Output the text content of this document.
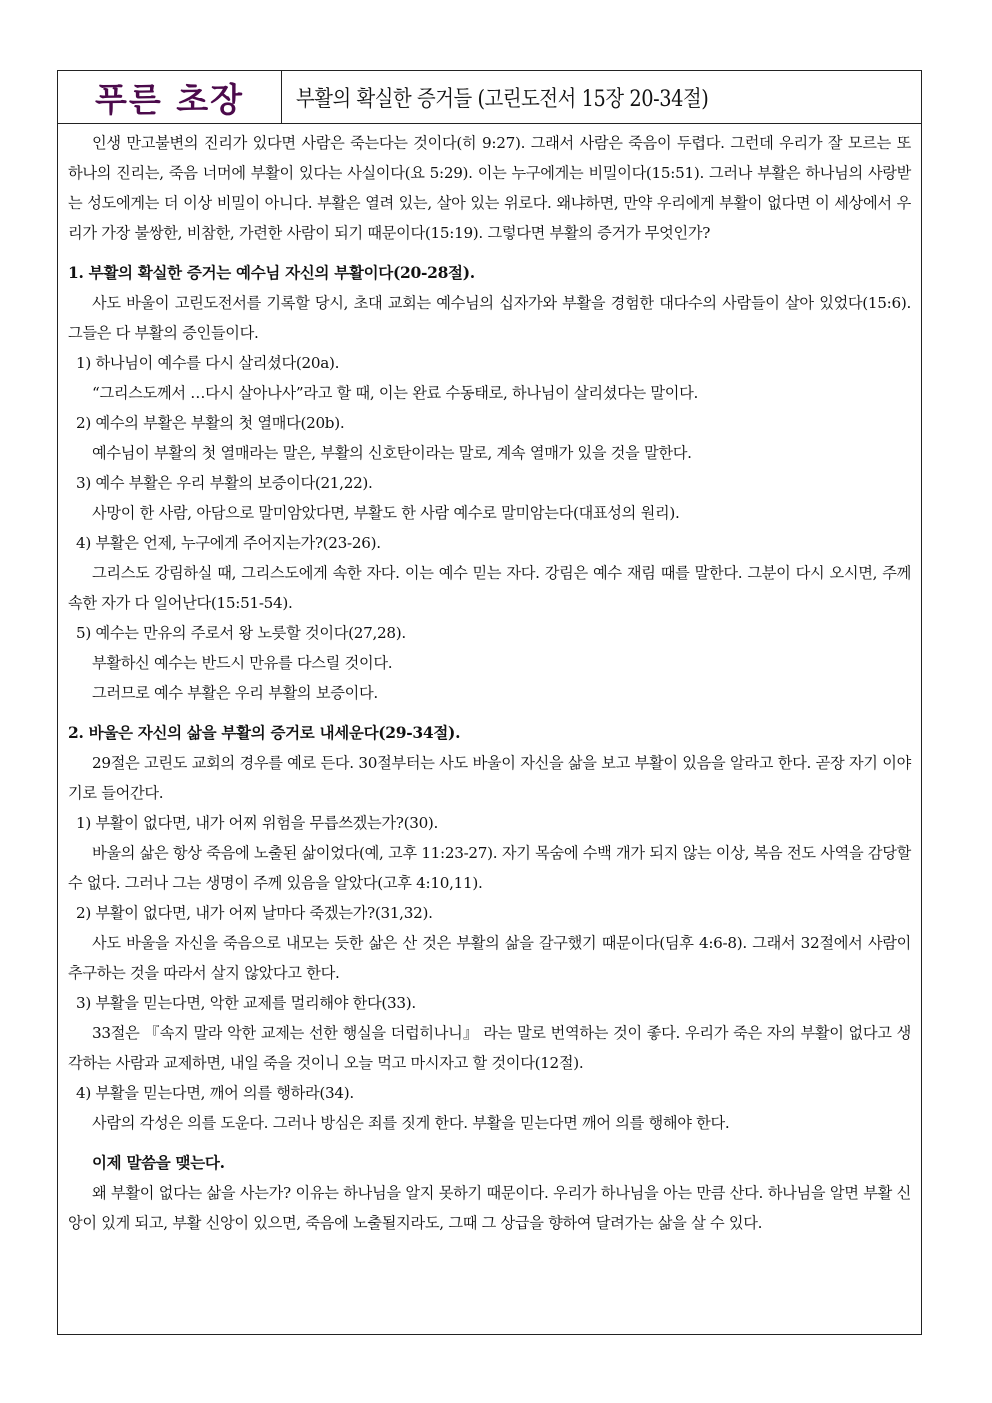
푸른 초장 부활의 확실한 증거들 (고린도전서 15장 20-34절)

인생 만고불변의 진리가 있다면 사람은 죽는다는 것이다(히 9:27). 그래서 사람은 죽음이 두렵다. 그런데 우리가 잘 모르는 또 하나의 진리는, 죽음 너머에 부활이 있다는 사실이다(요 5:29). 이는 누구에게는 비밀이다(15:51). 그러나 부활은 하나님의 사랑받는 성도에게는 더 이상 비밀이 아니다. 부활은 열려 있는, 살아 있는 위로다. 왜냐하면, 만약 우리에게 부활이 없다면 이 세상에서 우리가 가장 불쌍한, 비참한, 가련한 사람이 되기 때문이다(15:19). 그렇다면 부활의 증거가 무엇인가?

1. 부활의 확실한 증거는 예수님 자신의 부활이다(20-28절).

사도 바울이 고린도전서를 기록할 당시, 초대 교회는 예수님의 십자가와 부활을 경험한 대다수의 사람들이 살아 있었다(15:6). 그들은 다 부활의 증인들이다.

1) 하나님이 예수를 다시 살리셨다(20a).

“그리스도께서 …다시 살아나사”라고 할 때, 이는 완료 수동태로, 하나님이 살리셨다는 말이다.

2) 예수의 부활은 부활의 첫 열매다(20b).

예수님이 부활의 첫 열매라는 말은, 부활의 신호탄이라는 말로, 계속 열매가 있을 것을 말한다.

3) 예수 부활은 우리 부활의 보증이다(21,22).

사망이 한 사람, 아담으로 말미암았다면, 부활도 한 사람 예수로 말미암는다(대표성의 원리).

4) 부활은 언제, 누구에게 주어지는가?(23-26).

그리스도 강림하실 때, 그리스도에게 속한 자다. 이는 예수 믿는 자다. 강림은 예수 재림 때를 말한다. 그분이 다시 오시면, 주께 속한 자가 다 일어난다(15:51-54).

5) 예수는 만유의 주로서 왕 노릇할 것이다(27,28).

부활하신 예수는 반드시 만유를 다스릴 것이다.

그러므로 예수 부활은 우리 부활의 보증이다.

2. 바울은 자신의 삶을 부활의 증거로 내세운다(29-34절).

29절은 고린도 교회의 경우를 예로 든다. 30절부터는 사도 바울이 자신을 삶을 보고 부활이 있음을 알라고 한다. 곧장 자기 이야기로 들어간다.

1) 부활이 없다면, 내가 어찌 위험을 무릅쓰겠는가?(30).

바울의 삶은 항상 죽음에 노출된 삶이었다(예, 고후 11:23-27). 자기 목숨에 수백 개가 되지 않는 이상, 복음 전도 사역을 감당할 수 없다. 그러나 그는 생명이 주께 있음을 알았다(고후 4:10,11).

2) 부활이 없다면, 내가 어찌 날마다 죽겠는가?(31,32).

사도 바울을 자신을 죽음으로 내모는 듯한 삶은 산 것은 부활의 삶을 갈구했기 때문이다(딤후 4:6-8). 그래서 32절에서 사람이 추구하는 것을 따라서 살지 않았다고 한다.

3) 부활을 믿는다면, 악한 교제를 멀리해야 한다(33).

33절은 『속지 말라 악한 교제는 선한 행실을 더럽히나니』 라는 말로 번역하는 것이 좋다. 우리가 죽은 자의 부활이 없다고 생각하는 사람과 교제하면, 내일 죽을 것이니 오늘 먹고 마시자고 할 것이다(12절).

4) 부활을 믿는다면, 깨어 의를 행하라(34).

사람의 각성은 의를 도운다. 그러나 방심은 죄를 짓게 한다. 부활을 믿는다면 깨어 의를 행해야 한다.

이제 말씀을 맺는다.

왜 부활이 없다는 삶을 사는가? 이유는 하나님을 알지 못하기 때문이다. 우리가 하나님을 아는 만큼 산다. 하나님을 알면 부활 신앙이 있게 되고, 부활 신앙이 있으면, 죽음에 노출될지라도, 그때 그 상급을 향하여 달려가는 삶을 살 수 있다.
